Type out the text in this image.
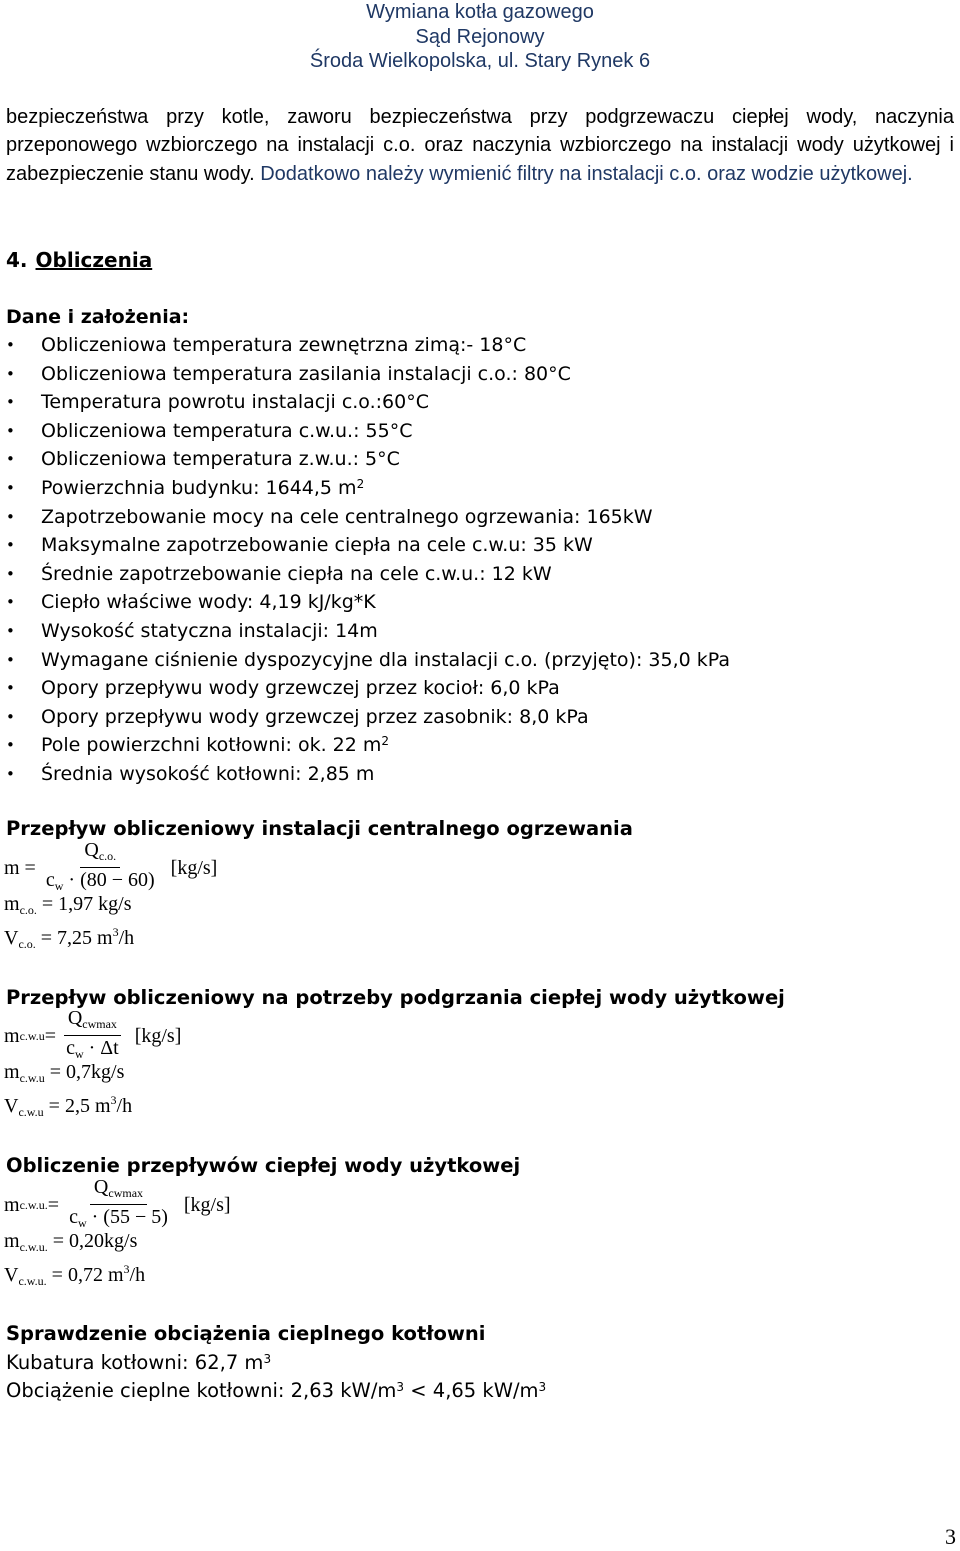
Wymiana kotła gazowego
Sąd Rejonowy
Środa Wielkopolska, ul. Stary Rynek 6
bezpieczeństwa przy kotle, zaworu bezpieczeństwa przy podgrzewaczu ciepłej wody, naczynia przeponowego wzbiorczego na instalacji c.o. oraz naczynia wzbiorczego na instalacji wody użytkowej i zabezpieczenie stanu wody. Dodatkowo należy wymienić filtry na instalacji c.o. oraz wodzie użytkowej.
4. Obliczenia
Dane i założenia:
• Obliczeniowa temperatura zewnętrzna zimą:- 18°C
• Obliczeniowa temperatura zasilania instalacji c.o.: 80°C
• Temperatura powrotu instalacji c.o.:60°C
• Obliczeniowa temperatura c.w.u.: 55°C
• Obliczeniowa temperatura z.w.u.: 5°C
• Powierzchnia budynku: 1644,5 $m^2$
• Zapotrzebowanie mocy na cele centralnego ogrzewania: 165kW
• Maksymalne zapotrzebowanie ciepła na cele c.w.u: 35 kW
• Średnie zapotrzebowanie ciepła na cele c.w.u.: 12 kW
• Ciepło właściwe wody: 4,19 kJ/kg*K
• Wysokość statyczna instalacji: 14m
• Wymagane ciśnienie dyspozycyjne dla instalacji c.o. (przyjęto): 35,0 kPa
• Opory przepływu wody grzewczej przez kocioł: 6,0 kPa
• Opory przepływu wody grzewczej przez zasobnik: 8,0 kPa
• Pole powierzchni kotłowni: ok. 22 $m^2$
• Średnia wysokość kotłowni: 2,85 m
Przepływ obliczeniowy instalacji centralnego ogrzewania
$m = \frac{Q_{c.o.}}{c_w \cdot (80 - 60)} [kg/s]$
$m_{c.o.} = 1,97$ kg/s
$V_{c.o.} = 7,25$ $m^3/h$
Przepływ obliczeniowy na potrzeby podgrzania ciepłej wody użytkowej
m $c.w.u = \frac{Q_{cwmax}}{c_w \cdot \Delta t} [kg/s]$
$m_{c.w.u} = 0,7kg/s$
$V_{c.w.u} = 2,5$ $m^3/h$
Obliczenie przepływów ciepłej wody użytkowej
m c.w.u. = $\frac{Q_{cwmax}}{c_w \cdot (55 - 5)} [kg/s]$
$m_{c.w.u.} = 0,20kg/s$
$V_{c.w.u.} = 0,72$ $m^3/h$
Sprawdzenie obciążenia cieplnego kotłowni
Kubatura kotłowni: 62,7 $m^3$
Obciążenie cieplne kotłowni: 2,63 $kW/m^3 < 4,65$ $kW/m^3$
3
